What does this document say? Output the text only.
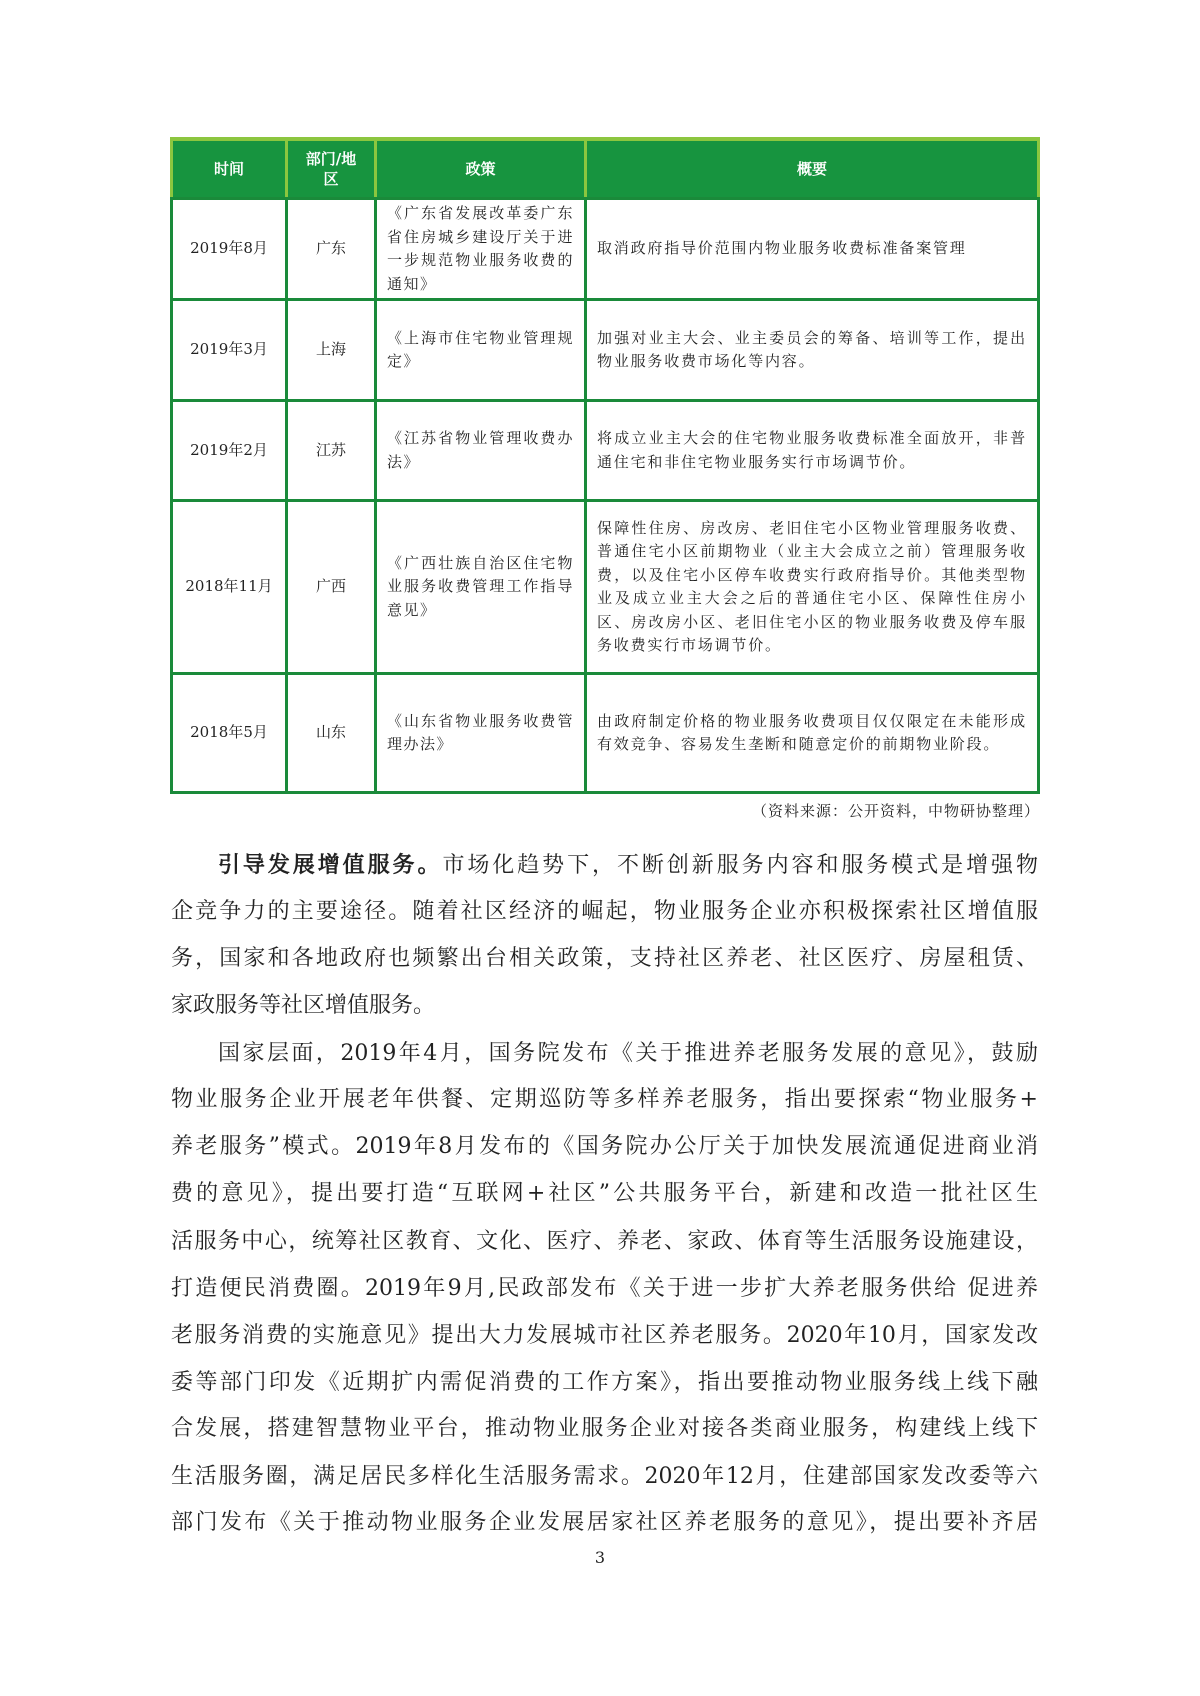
时间	部门/地区	政策	概要
2019年8月	广东	《广东省发展改革委广东省住房城乡建设厅关于进一步规范物业服务收费的通知》	取消政府指导价范围内物业服务收费标准备案管理
2019年3月	上海	《上海市住宅物业管理规定》	加强对业主大会、业主委员会的筹备、培训等工作，提出物业服务收费市场化等内容。
2019年2月	江苏	《江苏省物业管理收费办法》	将成立业主大会的住宅物业服务收费标准全面放开，非普通住宅和非住宅物业服务实行市场调节价。
2018年11月	广西	《广西壮族自治区住宅物业服务收费管理工作指导意见》	保障性住房、房改房、老旧住宅小区物业管理服务收费、普通住宅小区前期物业（业主大会成立之前）管理服务收费，以及住宅小区停车收费实行政府指导价。其他类型物业及成立业主大会之后的普通住宅小区、保障性住房小区、房改房小区、老旧住宅小区的物业服务收费及停车服务收费实行市场调节价。
2018年5月	山东	《山东省物业服务收费管理办法》	由政府制定价格的物业服务收费项目仅仅限定在未能形成有效竞争、容易发生垄断和随意定价的前期物业阶段。
（资料来源：公开资料，中物研协整理）
引导发展增值服务。市场化趋势下，不断创新服务内容和服务模式是增强物
企竞争力的主要途径。随着社区经济的崛起，物业服务企业亦积极探索社区增值服
务，国家和各地政府也频繁出台相关政策，支持社区养老、社区医疗、房屋租赁、
家政服务等社区增值服务。
国家层面，2019年4月，国务院发布《关于推进养老服务发展的意见》，鼓励
物业服务企业开展老年供餐、定期巡防等多样养老服务，指出要探索“物业服务+
养老服务”模式。2019年8月发布的《国务院办公厅关于加快发展流通促进商业消
费的意见》，提出要打造“互联网+社区”公共服务平台，新建和改造一批社区生
活服务中心，统筹社区教育、文化、医疗、养老、家政、体育等生活服务设施建设，
打造便民消费圈。2019年9月,民政部发布《关于进一步扩大养老服务供给 促进养
老服务消费的实施意见》提出大力发展城市社区养老服务。2020年10月，国家发改
委等部门印发《近期扩内需促消费的工作方案》，指出要推动物业服务线上线下融
合发展，搭建智慧物业平台，推动物业服务企业对接各类商业服务，构建线上线下
生活服务圈，满足居民多样化生活服务需求。2020年12月，住建部国家发改委等六
部门发布《关于推动物业服务企业发展居家社区养老服务的意见》，提出要补齐居
3
